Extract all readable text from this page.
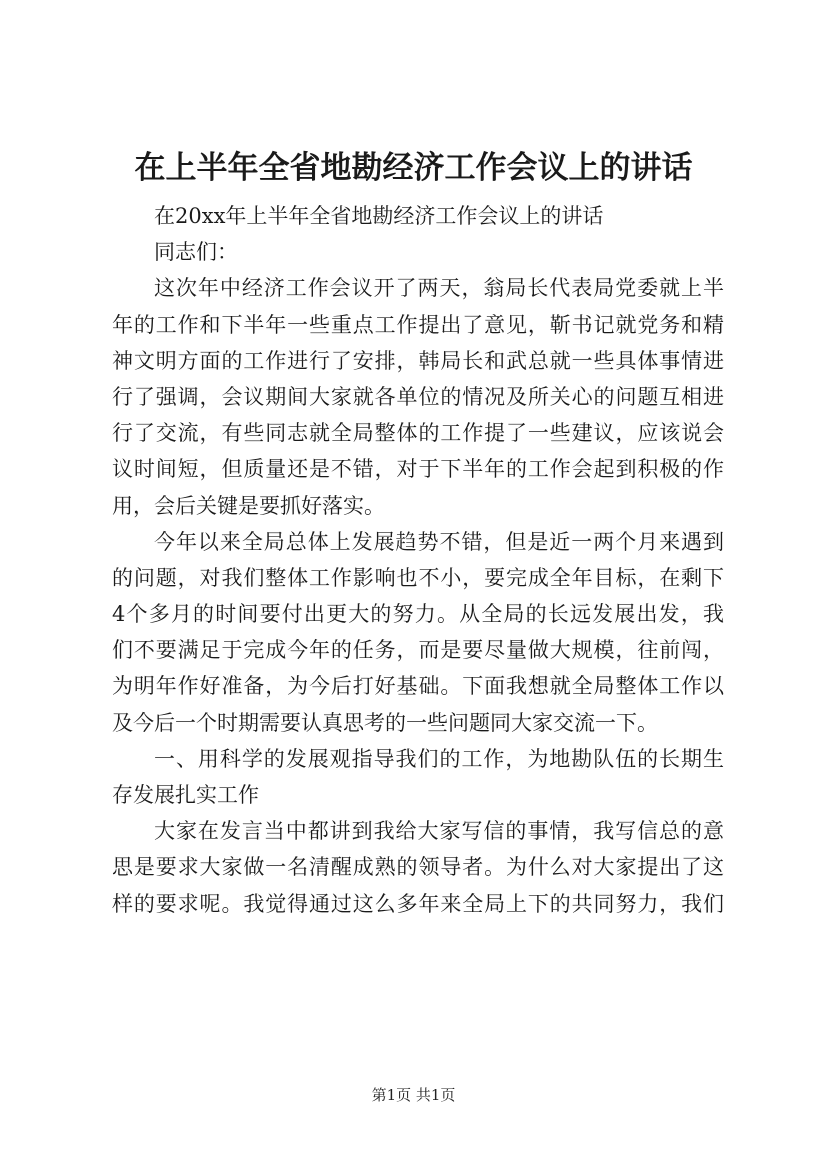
在上半年全省地勘经济工作会议上的讲话
在20xx年上半年全省地勘经济工作会议上的讲话
同志们：
这次年中经济工作会议开了两天，翁局长代表局党委就上半
年的工作和下半年一些重点工作提出了意见，靳书记就党务和精
神文明方面的工作进行了安排，韩局长和武总就一些具体事情进
行了强调，会议期间大家就各单位的情况及所关心的问题互相进
行了交流，有些同志就全局整体的工作提了一些建议，应该说会
议时间短，但质量还是不错，对于下半年的工作会起到积极的作
用，会后关键是要抓好落实。
今年以来全局总体上发展趋势不错，但是近一两个月来遇到
的问题，对我们整体工作影响也不小，要完成全年目标，在剩下
4个多月的时间要付出更大的努力。从全局的长远发展出发，我
们不要满足于完成今年的任务，而是要尽量做大规模，往前闯，
为明年作好准备，为今后打好基础。下面我想就全局整体工作以
及今后一个时期需要认真思考的一些问题同大家交流一下。
一、用科学的发展观指导我们的工作，为地勘队伍的长期生
存发展扎实工作
大家在发言当中都讲到我给大家写信的事情，我写信总的意
思是要求大家做一名清醒成熟的领导者。为什么对大家提出了这
样的要求呢。我觉得通过这么多年来全局上下的共同努力，我们
第1页 共1页
